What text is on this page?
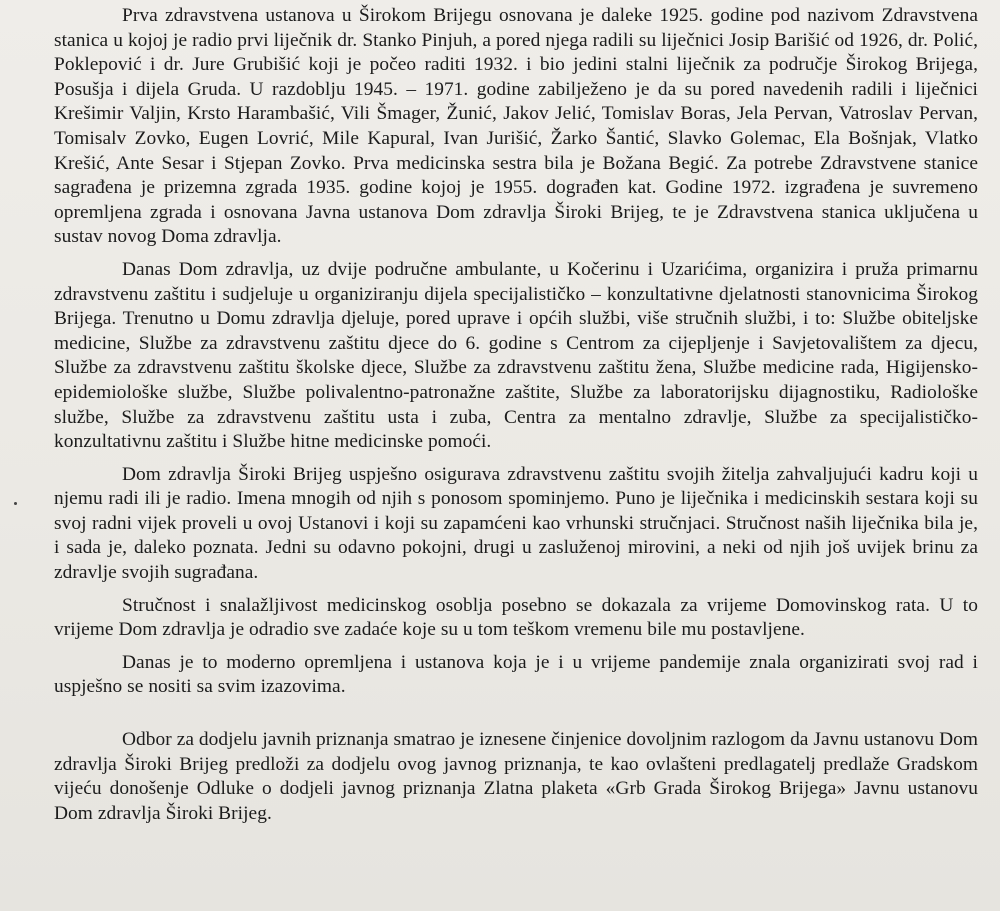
Prva zdravstvena ustanova u Širokom Brijegu osnovana je daleke 1925. godine pod nazivom Zdravstvena stanica u kojoj je radio prvi liječnik dr. Stanko Pinjuh, a pored njega radili su liječnici Josip Barišić od 1926, dr. Polić, Poklepović i dr. Jure Grubišić koji je počeo raditi 1932. i bio jedini stalni liječnik za područje Širokog Brijega, Posušja i dijela Gruda. U razdoblju 1945. – 1971. godine zabilježeno je da su pored navedenih radili i liječnici Krešimir Valjin, Krsto Harambašić, Vili Šmager, Žunić, Jakov Jelić, Tomislav Boras, Jela Pervan, Vatroslav Pervan, Tomisalv Zovko, Eugen Lovrić, Mile Kapural, Ivan Jurišić, Žarko Šantić, Slavko Golemac, Ela Bošnjak, Vlatko Krešić, Ante Sesar i Stjepan Zovko. Prva medicinska sestra bila je Božana Begić. Za potrebe Zdravstvene stanice sagrađena je prizemna zgrada 1935. godine kojoj je 1955. dograđen kat. Godine 1972. izgrađena je suvremeno opremljena zgrada i osnovana Javna ustanova Dom zdravlja Široki Brijeg, te je Zdravstvena stanica uključena u sustav novog Doma zdravlja.

Danas Dom zdravlja, uz dvije područne ambulante, u Kočerinu i Uzarićima, organizira i pruža primarnu zdravstvenu zaštitu i sudjeluje u organiziranju dijela specijalističko – konzultativne djelatnosti stanovnicima Širokog Brijega. Trenutno u Domu zdravlja djeluje, pored uprave i općih službi, više stručnih službi, i to: Službe obiteljske medicine, Službe za zdravstvenu zaštitu djece do 6. godine s Centrom za cijepljenje i Savjetovalištem za djecu, Službe za zdravstvenu zaštitu školske djece, Službe za zdravstvenu zaštitu žena, Službe medicine rada, Higijensko-epidemiološke službe, Službe polivalentno-patronažne zaštite, Službe za laboratorijsku dijagnostiku, Radiološke službe, Službe za zdravstvenu zaštitu usta i zuba, Centra za mentalno zdravlje, Službe za specijalističko- konzultativnu zaštitu i Službe hitne medicinske pomoći.

Dom zdravlja Široki Brijeg uspješno osigurava zdravstvenu zaštitu svojih žitelja zahvaljujući kadru koji u njemu radi ili je radio. Imena mnogih od njih s ponosom spominjemo. Puno je liječnika i medicinskih sestara koji su svoj radni vijek proveli u ovoj Ustanovi i koji su zapamćeni kao vrhunski stručnjaci. Stručnost naših liječnika bila je, i sada je, daleko poznata. Jedni su odavno pokojni, drugi u zasluženoj mirovini, a neki od njih još uvijek brinu za zdravlje svojih sugrađana.

Stručnost i snalažljivost medicinskog osoblja posebno se dokazala za vrijeme Domovinskog rata. U to vrijeme Dom zdravlja je odradio sve zadaće koje su u tom teškom vremenu bile mu postavljene.

Danas je to moderno opremljena i ustanova koja je i u vrijeme pandemije znala organizirati svoj rad i uspješno se nositi sa svim izazovima.

Odbor za dodjelu javnih priznanja smatrao je iznesene činjenice dovoljnim razlogom da Javnu ustanovu Dom zdravlja Široki Brijeg predloži za dodjelu ovog javnog priznanja, te kao ovlašteni predlagatelj predlaže Gradskom vijeću donošenje Odluke o dodjeli javnog priznanja Zlatna plaketa «Grb Grada Širokog Brijega» Javnu ustanovu Dom zdravlja Široki Brijeg.
